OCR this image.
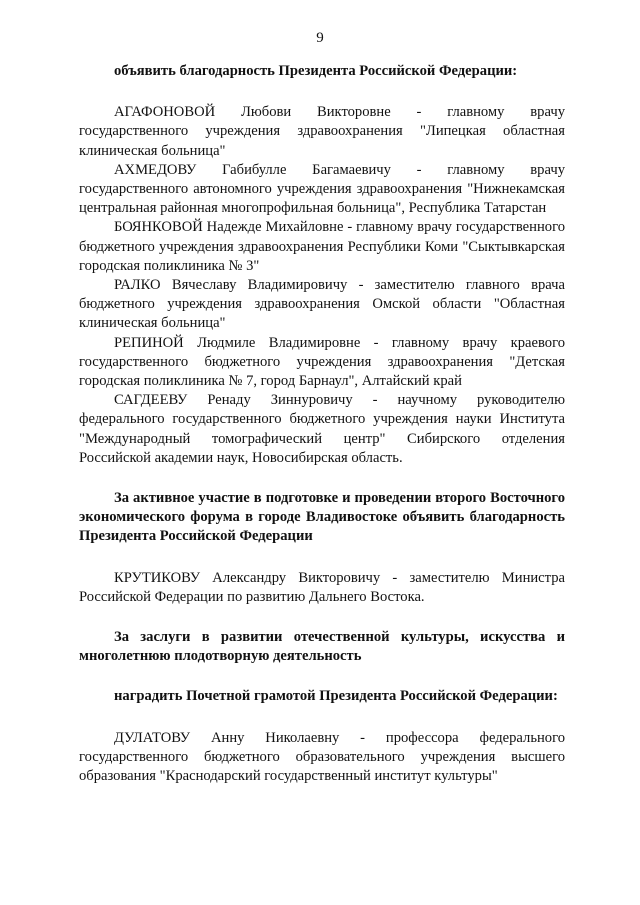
9
объявить благодарность Президента Российской Федерации:
АГАФОНОВОЙ Любови Викторовне - главному врачу государственного учреждения здравоохранения "Липецкая областная клиническая больница"
АХМЕДОВУ Габибулле Багамаевичу - главному врачу государственного автономного учреждения здравоохранения "Нижнекамская центральная районная многопрофильная больница", Республика Татарстан
БОЯНКОВОЙ Надежде Михайловне - главному врачу государственного бюджетного учреждения здравоохранения Республики Коми "Сыктывкарская городская поликлиника № 3"
РАЛКО Вячеславу Владимировичу - заместителю главного врача бюджетного учреждения здравоохранения Омской области "Областная клиническая больница"
РЕПИНОЙ Людмиле Владимировне - главному врачу краевого государственного бюджетного учреждения здравоохранения "Детская городская поликлиника № 7, город Барнаул", Алтайский край
САГДЕЕВУ Ренаду Зиннуровичу - научному руководителю федерального государственного бюджетного учреждения науки Института "Международный томографический центр" Сибирского отделения Российской академии наук, Новосибирская область.
За активное участие в подготовке и проведении второго Восточного экономического форума в городе Владивостоке объявить благодарность Президента Российской Федерации
КРУТИКОВУ Александру Викторовичу - заместителю Министра Российской Федерации по развитию Дальнего Востока.
За заслуги в развитии отечественной культуры, искусства и многолетнюю плодотворную деятельность
наградить Почетной грамотой Президента Российской Федерации:
ДУЛАТОВУ Анну Николаевну - профессора федерального государственного бюджетного образовательного учреждения высшего образования "Краснодарский государственный институт культуры"
